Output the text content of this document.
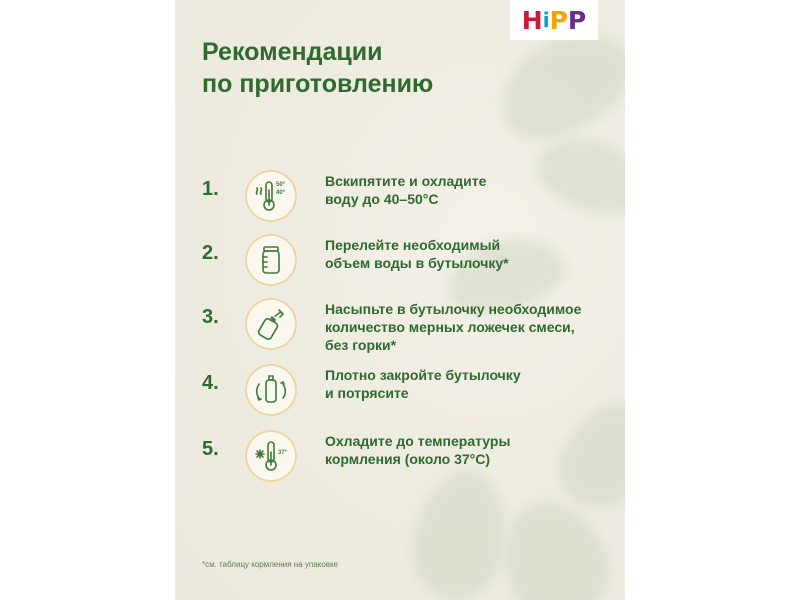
H i P P
Рекомендации
по приготовлению
1.	50°
40°
Вскипятите и охладите
воду до 40–50°С
2.	Перелейте необходимый
объем воды в бутылочку*
3.	Насыпьте в бутылочку необходимое
количество мерных ложечек смеси,
без горки*
4.	Плотно закройте бутылочку
и потрясите
5.	37°
Охладите до температуры
кормления (около 37°С)
*см. таблицу кормления на упаковке
